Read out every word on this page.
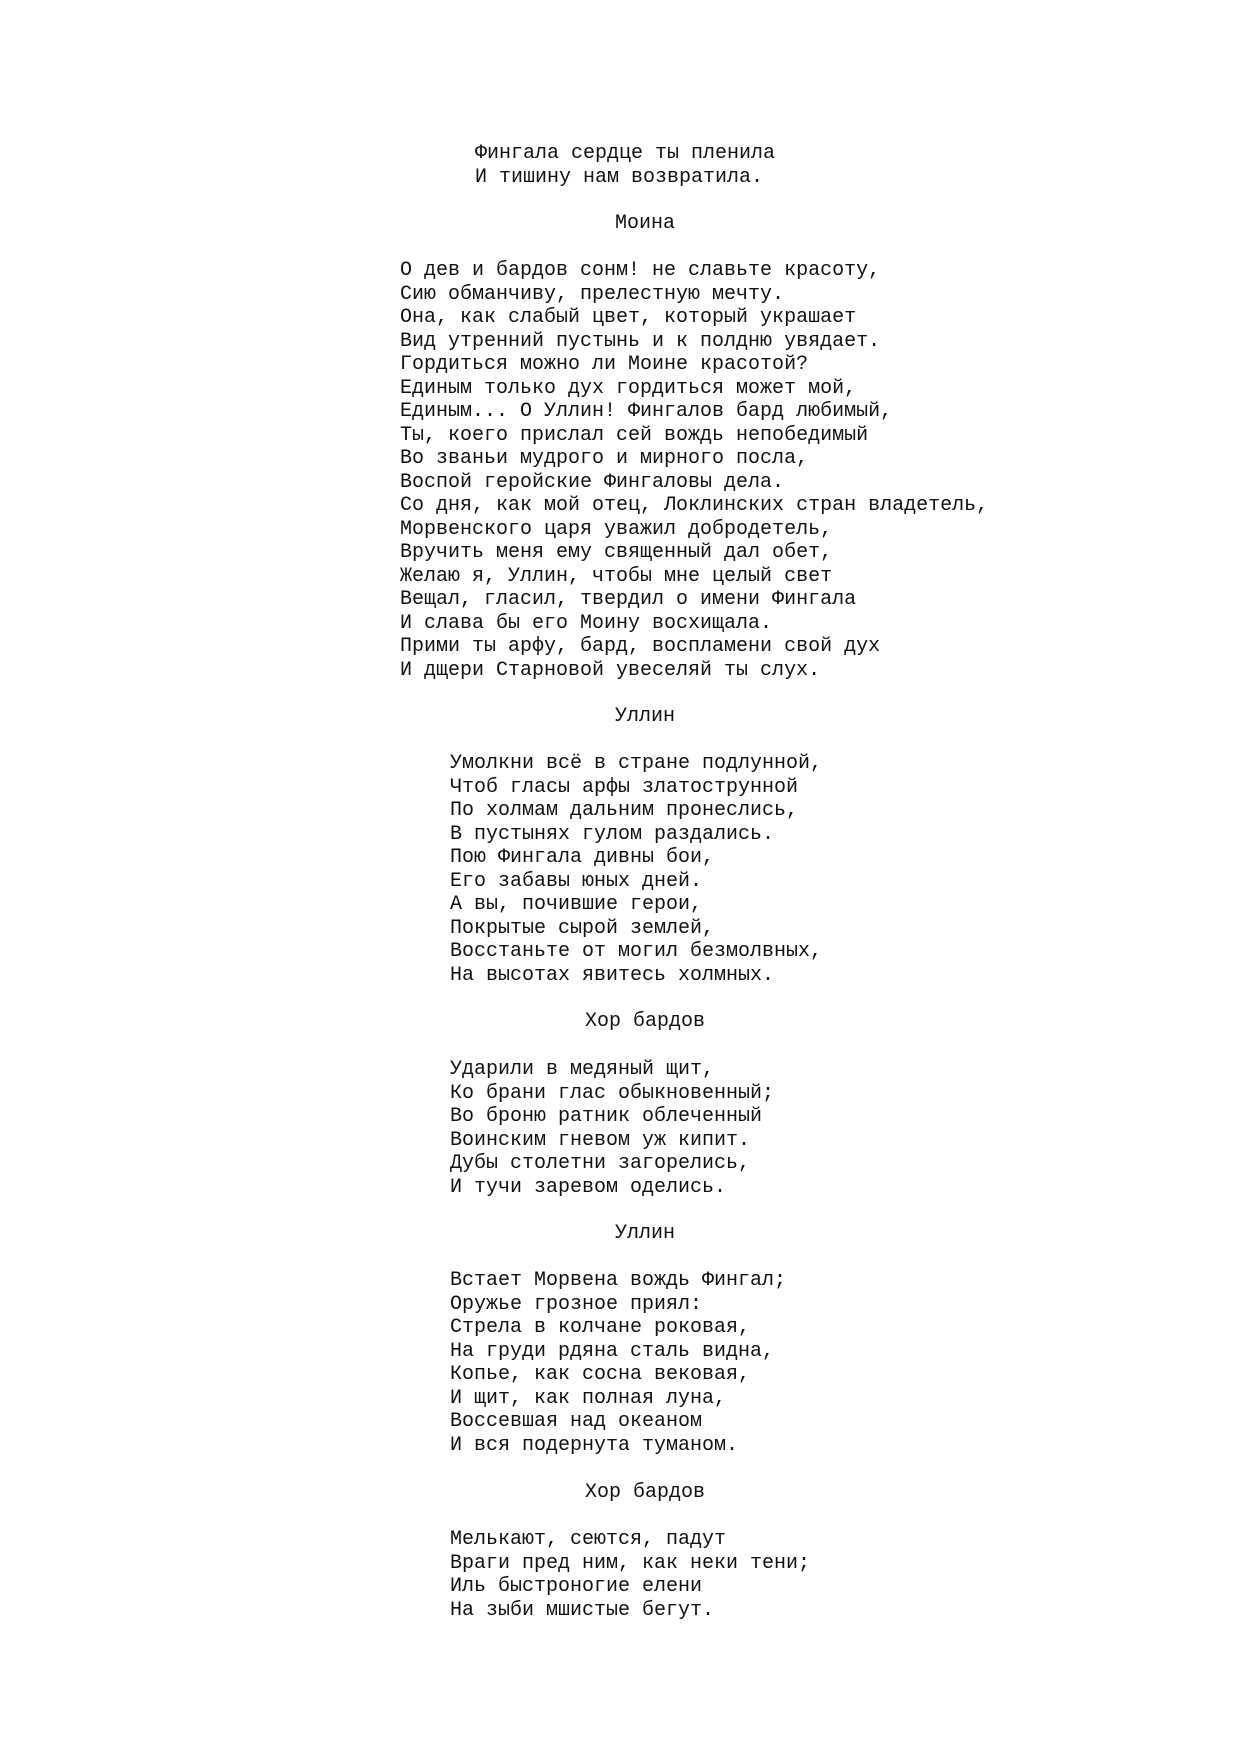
Фингала сердце ты пленила
И тишину нам возвратила.
Моина
О дев и бардов сонм! не славьте красоту,
Сию обманчиву, прелестную мечту.
Она, как слабый цвет, который украшает
Вид утренний пустынь и к полдню увядает.
Гордиться можно ли Моине красотой?
Единым только дух гордиться может мой,
Единым... О Уллин! Фингалов бард любимый,
Ты, коего прислал сей вождь непобедимый
Во званьи мудрого и мирного посла,
Воспой геройские Фингаловы дела.
Со дня, как мой отец, Локлинских стран владетель,
Морвенского царя уважил добродетель,
Вручить меня ему священный дал обет,
Желаю я, Уллин, чтобы мне целый свет
Вещал, гласил, твердил о имени Фингала
И слава бы его Моину восхищала.
Прими ты арфу, бард, воспламени свой дух
И дщери Старновой увеселяй ты слух.
Уллин
Умолкни всё в стране подлунной,
Чтоб гласы арфы златострунной
По холмам дальним пронеслись,
В пустынях гулом раздались.
Пою Фингала дивны бои,
Его забавы юных дней.
А вы, почившие герои,
Покрытые сырой землей,
Восстаньте от могил безмолвных,
На высотах явитесь холмных.
Хор бардов
Ударили в медяный щит,
Ко брани глас обыкновенный;
Во броню ратник облеченный
Воинским гневом уж кипит.
Дубы столетни загорелись,
И тучи заревом оделись.
Уллин
Встает Морвена вождь Фингал;
Оружье грозное приял:
Стрела в колчане роковая,
На груди рдяна сталь видна,
Копье, как сосна вековая,
И щит, как полная луна,
Воссевшая над океаном
И вся подернута туманом.
Хор бардов
Мелькают, сеются, падут
Враги пред ним, как неки тени;
Иль быстроногие елени
На зыби мшистые бегут.
